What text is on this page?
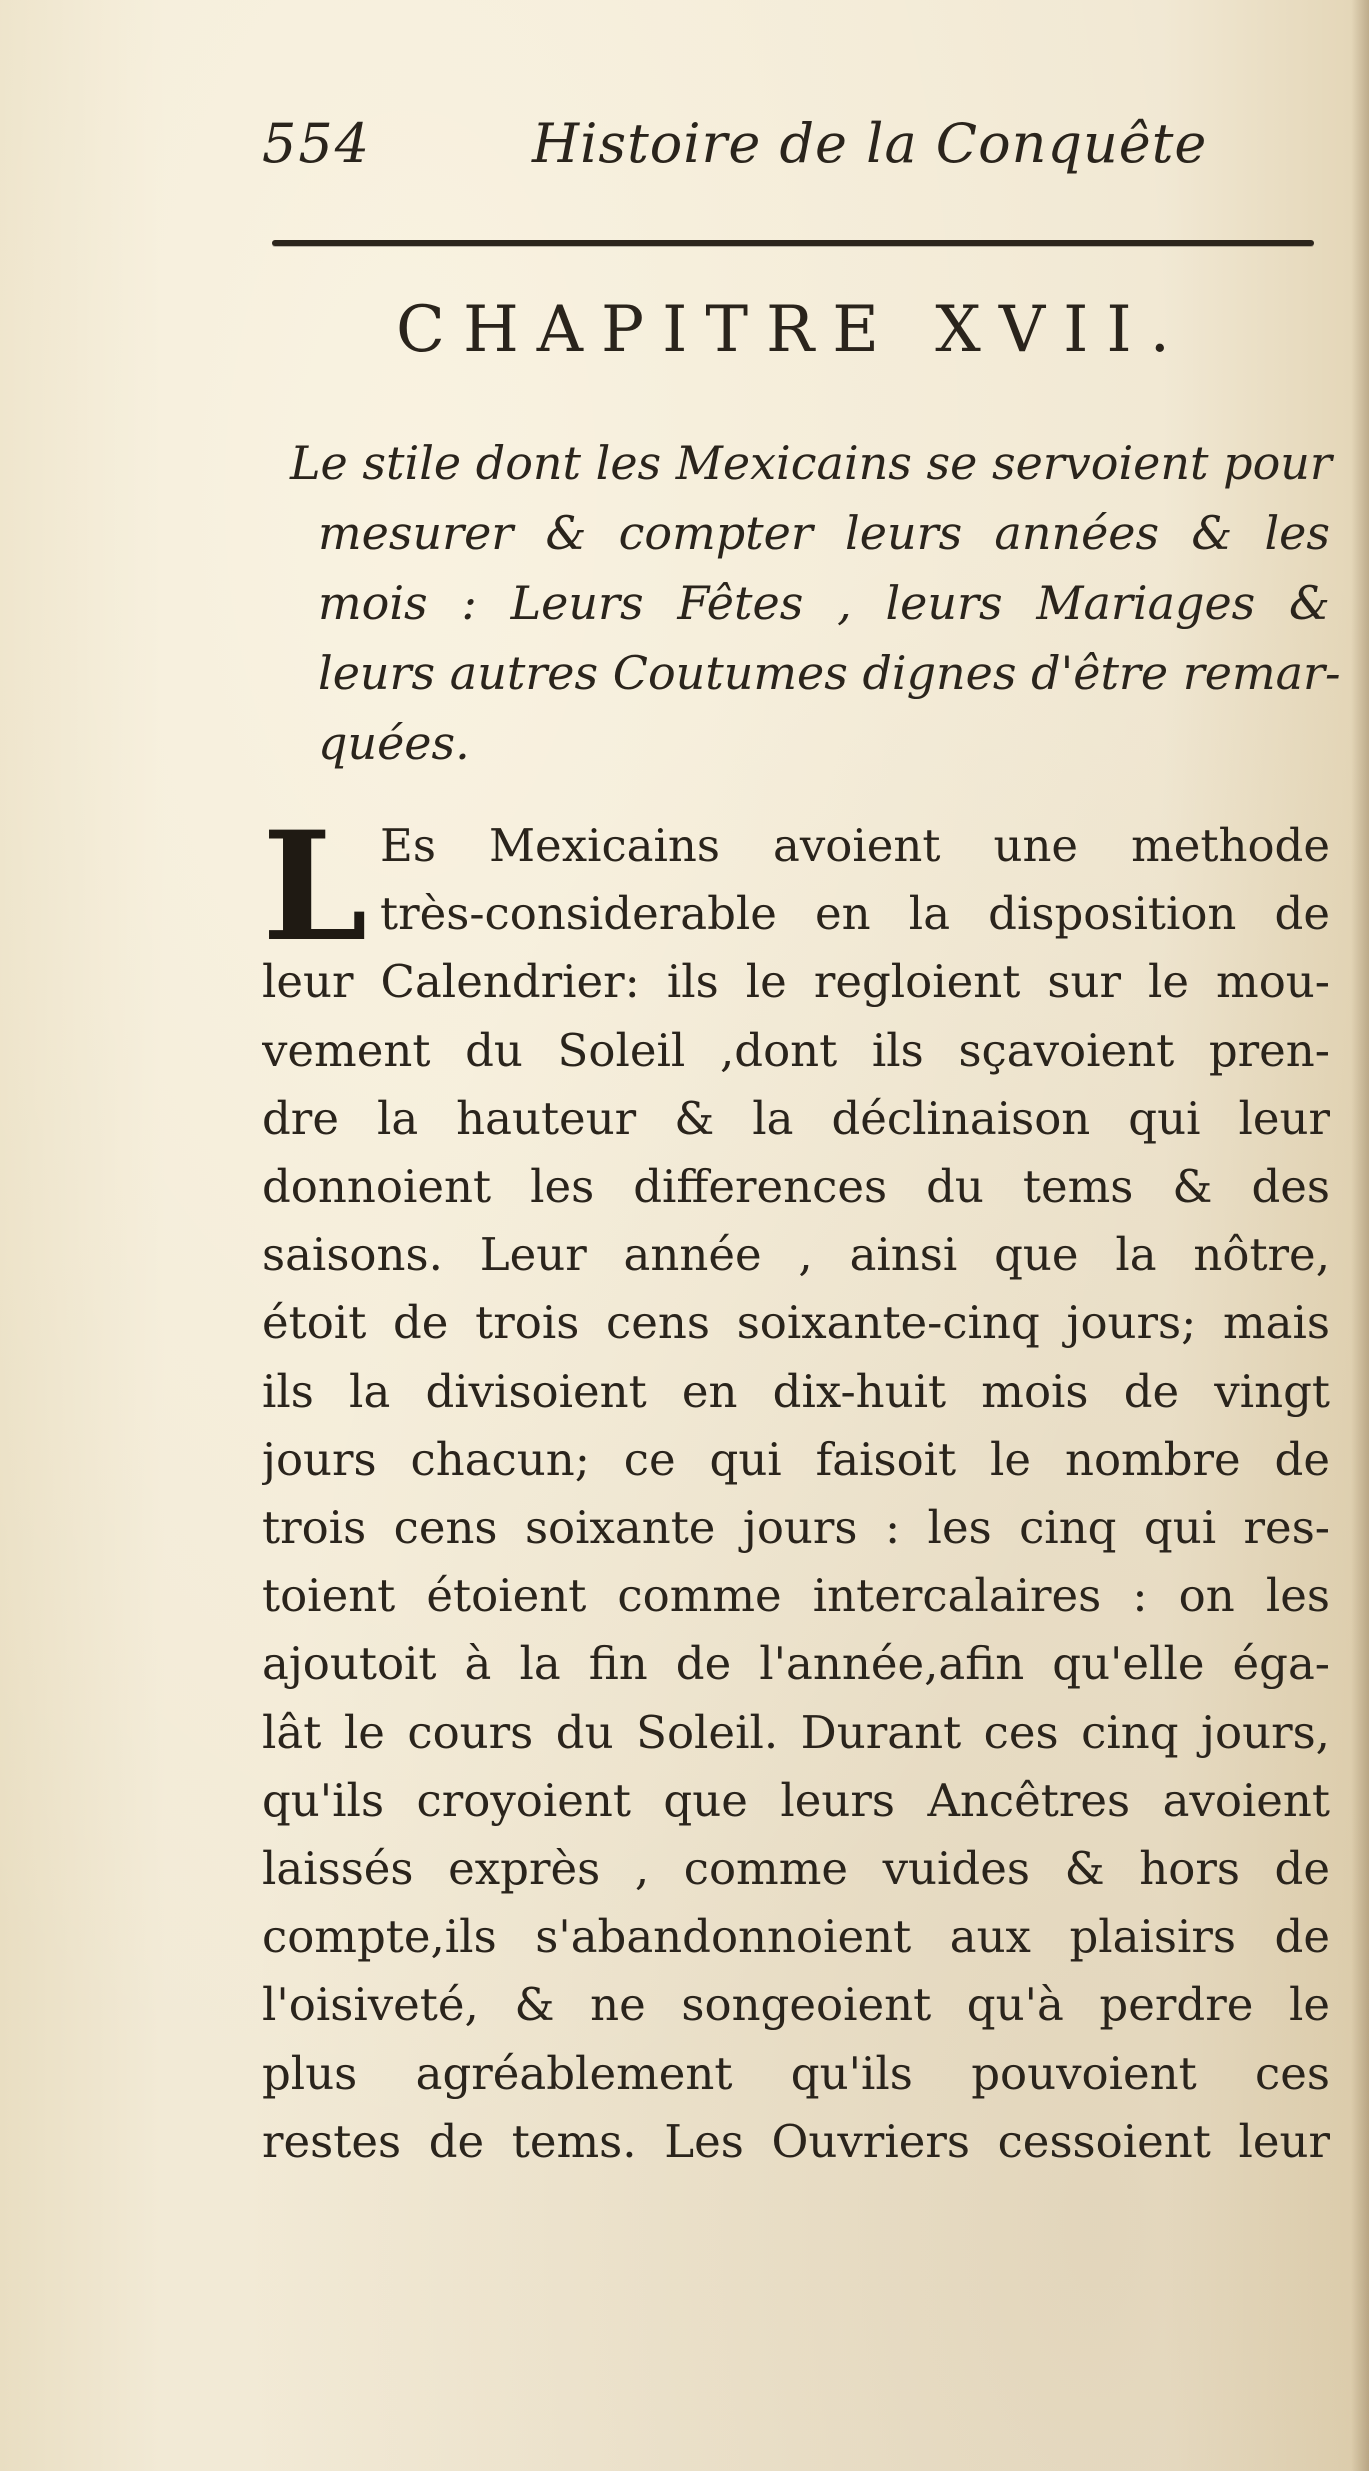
554	Histoire de la Conquête
CHAPITRE XVII.
Le stile dont les Mexicains se servoient pour
mesurer & compter leurs années & les
mois : Leurs Fêtes , leurs Mariages &
leurs autres Coutumes dignes d'être remar-
quées.
L Es Mexicains avoient une methode
très-considerable en la disposition de
leur Calendrier: ils le regloient sur le mou-
vement du Soleil ,dont ils sçavoient pren-
dre la hauteur & la déclinaison qui leur
donnoient les differences du tems & des
saisons. Leur année , ainsi que la nôtre,
étoit de trois cens soixante-cinq jours; mais
ils la divisoient en dix-huit mois de vingt
jours chacun; ce qui faisoit le nombre de
trois cens soixante jours : les cinq qui res-
toient étoient comme intercalaires : on les
ajoutoit à la fin de l'année,afin qu'elle éga-
lât le cours du Soleil. Durant ces cinq jours,
qu'ils croyoient que leurs Ancêtres avoient
laissés exprès , comme vuides & hors de
compte,ils s'abandonnoient aux plaisirs de
l'oisiveté, & ne songeoient qu'à perdre le
plus agréablement qu'ils pouvoient ces
restes de tems. Les Ouvriers cessoient leur
